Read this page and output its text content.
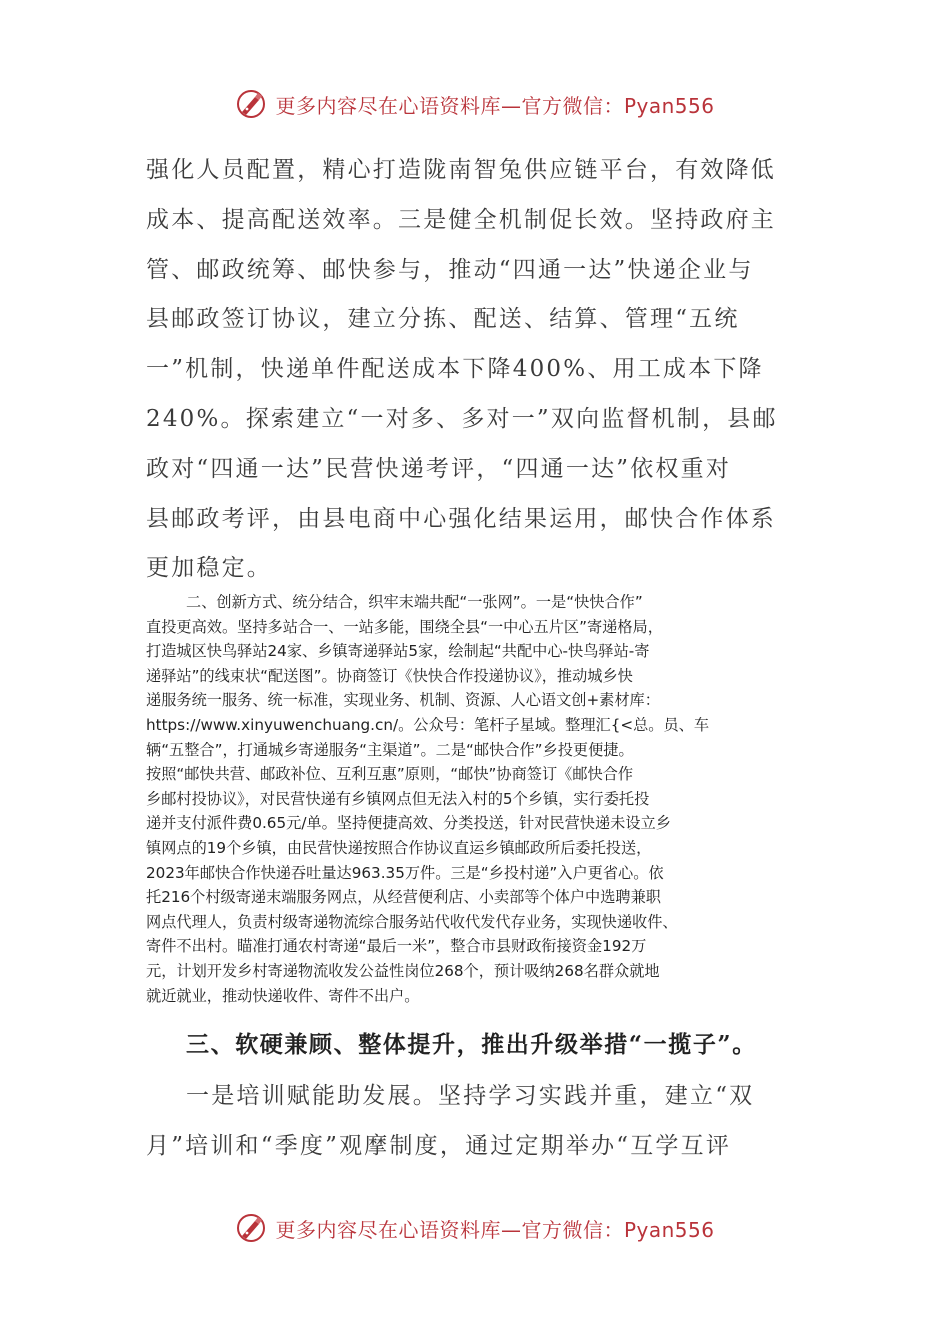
更多内容尽在心语资料库—官方微信：Pyan556
强化人员配置，精心打造陇南智兔供应链平台，有效降低
成本、提高配送效率。三是健全机制促长效。坚持政府主
管、邮政统筹、邮快参与，推动“四通一达”快递企业与
县邮政签订协议，建立分拣、配送、结算、管理“五统
一”机制，快递单件配送成本下降400%、用工成本下降
240%。探索建立“一对多、多对一”双向监督机制，县邮
政对“四通一达”民营快递考评，“四通一达”依权重对
县邮政考评，由县电商中心强化结果运用，邮快合作体系
更加稳定。
二、创新方式、统分结合，织牢末端共配“一张网”。一是“快快合作”
直投更高效。坚持多站合一、一站多能，围绕全县“一中心五片区”寄递格局，
打造城区快鸟驿站24家、乡镇寄递驿站5家，绘制起“共配中心-快鸟驿站-寄
递驿站”的线束状“配送图”。协商签订《快快合作投递协议》，推动城乡快
递服务统一服务、统一标准，实现业务、机制、资源、人心语文创+素材库：
https://www.xinyuwenchuang.cn/。公众号：笔杆子星域。整理汇{<总。员、车
辆“五整合”，打通城乡寄递服务“主渠道”。二是“邮快合作”乡投更便捷。
按照“邮快共营、邮政补位、互利互惠”原则，“邮快”协商签订《邮快合作
乡邮村投协议》，对民营快递有乡镇网点但无法入村的5个乡镇，实行委托投
递并支付派件费0.65元/单。坚持便捷高效、分类投送，针对民营快递未设立乡
镇网点的19个乡镇，由民营快递按照合作协议直运乡镇邮政所后委托投送，
2023年邮快合作快递吞吐量达963.35万件。三是“乡投村递”入户更省心。依
托216个村级寄递末端服务网点，从经营便利店、小卖部等个体户中选聘兼职
网点代理人，负责村级寄递物流综合服务站代收代发代存业务，实现快递收件、
寄件不出村。瞄准打通农村寄递“最后一米”，整合市县财政衔接资金192万
元，计划开发乡村寄递物流收发公益性岗位268个，预计吸纳268名群众就地
就近就业，推动快递收件、寄件不出户。
三、软硬兼顾、整体提升，推出升级举措“一揽子”。
一是培训赋能助发展。坚持学习实践并重，建立“双
月”培训和“季度”观摩制度，通过定期举办“互学互评
更多内容尽在心语资料库—官方微信：Pyan556
